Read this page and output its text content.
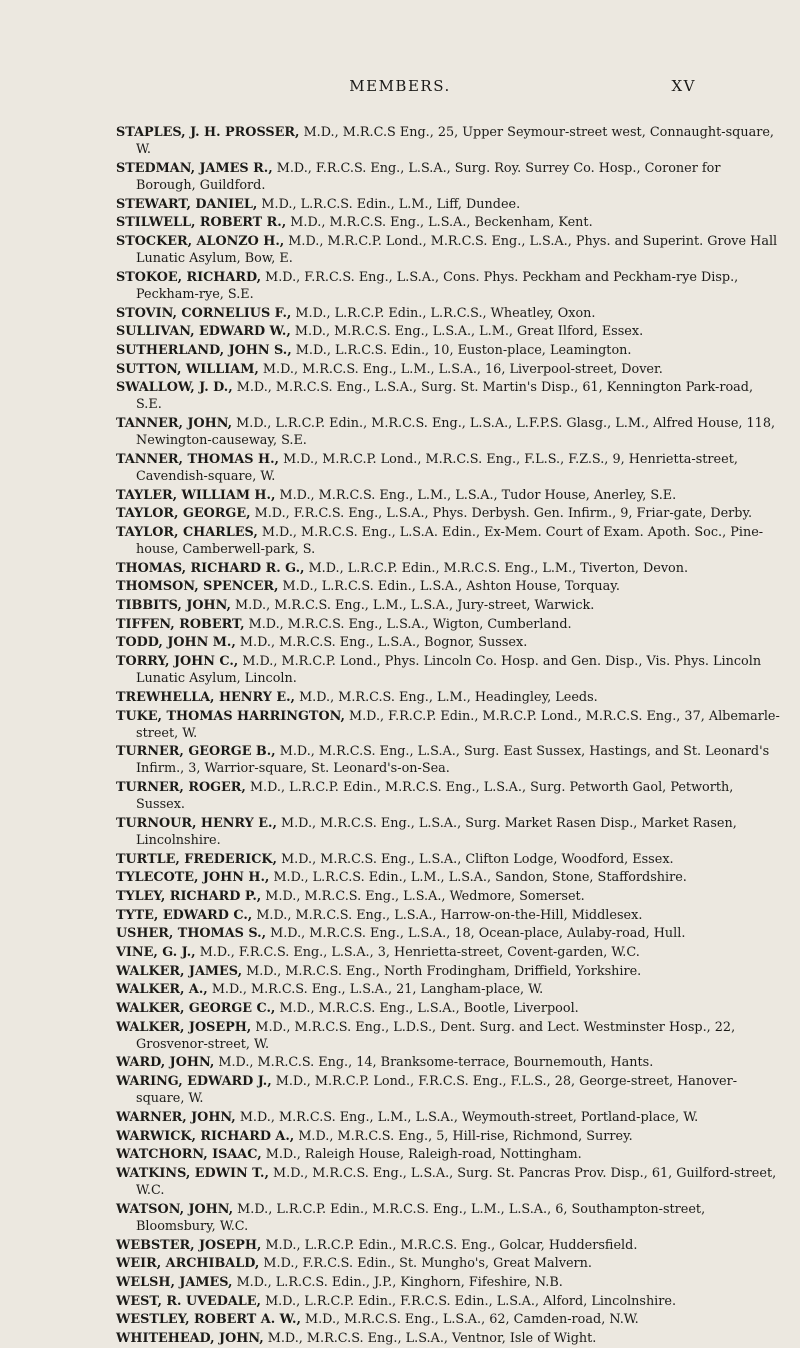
MEMBERS.	XV
STAPLES, J. H. PROSSER, M.D., M.R.C.S Eng., 25, Upper Seymour-street west, Connaught-square, W.
STEDMAN, JAMES R., M.D., F.R.C.S. Eng., L.S.A., Surg. Roy. Surrey Co. Hosp., Coroner for Borough, Guildford.
STEWART, DANIEL, M.D., L.R.C.S. Edin., L.M., Liff, Dundee.
STILWELL, ROBERT R., M.D., M.R.C.S. Eng., L.S.A., Beckenham, Kent.
STOCKER, ALONZO H., M.D., M.R.C.P. Lond., M.R.C.S. Eng., L.S.A., Phys. and Superint. Grove Hall Lunatic Asylum, Bow, E.
STOKOE, RICHARD, M.D., F.R.C.S. Eng., L.S.A., Cons. Phys. Peckham and Peckham-rye Disp., Peckham-rye, S.E.
STOVIN, CORNELIUS F., M.D., L.R.C.P. Edin., L.R.C.S., Wheatley, Oxon.
SULLIVAN, EDWARD W., M.D., M.R.C.S. Eng., L.S.A., L.M., Great Ilford, Essex.
SUTHERLAND, JOHN S., M.D., L.R.C.S. Edin., 10, Euston-place, Leamington.
SUTTON, WILLIAM, M.D., M.R.C.S. Eng., L.M., L.S.A., 16, Liverpool-street, Dover.
SWALLOW, J. D., M.D., M.R.C.S. Eng., L.S.A., Surg. St. Martin's Disp., 61, Kennington Park-road, S.E.
TANNER, JOHN, M.D., L.R.C.P. Edin., M.R.C.S. Eng., L.S.A., L.F.P.S. Glasg., L.M., Alfred House, 118, Newington-causeway, S.E.
TANNER, THOMAS H., M.D., M.R.C.P. Lond., M.R.C.S. Eng., F.L.S., F.Z.S., 9, Henrietta-street, Cavendish-square, W.
TAYLER, WILLIAM H., M.D., M.R.C.S. Eng., L.M., L.S.A., Tudor House, Anerley, S.E.
TAYLOR, GEORGE, M.D., F.R.C.S. Eng., L.S.A., Phys. Derbysh. Gen. Infirm., 9, Friar-gate, Derby.
TAYLOR, CHARLES, M.D., M.R.C.S. Eng., L.S.A. Edin., Ex-Mem. Court of Exam. Apoth. Soc., Pine-house, Camberwell-park, S.
THOMAS, RICHARD R. G., M.D., L.R.C.P. Edin., M.R.C.S. Eng., L.M., Tiverton, Devon.
THOMSON, SPENCER, M.D., L.R.C.S. Edin., L.S.A., Ashton House, Torquay.
TIBBITS, JOHN, M.D., M.R.C.S. Eng., L.M., L.S.A., Jury-street, Warwick.
TIFFEN, ROBERT, M.D., M.R.C.S. Eng., L.S.A., Wigton, Cumberland.
TODD, JOHN M., M.D., M.R.C.S. Eng., L.S.A., Bognor, Sussex.
TORRY, JOHN C., M.D., M.R.C.P. Lond., Phys. Lincoln Co. Hosp. and Gen. Disp., Vis. Phys. Lincoln Lunatic Asylum, Lincoln.
TREWHELLA, HENRY E., M.D., M.R.C.S. Eng., L.M., Headingley, Leeds.
TUKE, THOMAS HARRINGTON, M.D., F.R.C.P. Edin., M.R.C.P. Lond., M.R.C.S. Eng., 37, Albemarle-street, W.
TURNER, GEORGE B., M.D., M.R.C.S. Eng., L.S.A., Surg. East Sussex, Hastings, and St. Leonard's Infirm., 3, Warrior-square, St. Leonard's-on-Sea.
TURNER, ROGER, M.D., L.R.C.P. Edin., M.R.C.S. Eng., L.S.A., Surg. Petworth Gaol, Petworth, Sussex.
TURNOUR, HENRY E., M.D., M.R.C.S. Eng., L.S.A., Surg. Market Rasen Disp., Market Rasen, Lincolnshire.
TURTLE, FREDERICK, M.D., M.R.C.S. Eng., L.S.A., Clifton Lodge, Woodford, Essex.
TYLECOTE, JOHN H., M.D., L.R.C.S. Edin., L.M., L.S.A., Sandon, Stone, Staffordshire.
TYLEY, RICHARD P., M.D., M.R.C.S. Eng., L.S.A., Wedmore, Somerset.
TYTE, EDWARD C., M.D., M.R.C.S. Eng., L.S.A., Harrow-on-the-Hill, Middlesex.
USHER, THOMAS S., M.D., M.R.C.S. Eng., L.S.A., 18, Ocean-place, Aulaby-road, Hull.
VINE, G. J., M.D., F.R.C.S. Eng., L.S.A., 3, Henrietta-street, Covent-garden, W.C.
WALKER, JAMES, M.D., M.R.C.S. Eng., North Frodingham, Driffield, Yorkshire.
WALKER, A., M.D., M.R.C.S. Eng., L.S.A., 21, Langham-place, W.
WALKER, GEORGE C., M.D., M.R.C.S. Eng., L.S.A., Bootle, Liverpool.
WALKER, JOSEPH, M.D., M.R.C.S. Eng., L.D.S., Dent. Surg. and Lect. Westminster Hosp., 22, Grosvenor-street, W.
WARD, JOHN, M.D., M.R.C.S. Eng., 14, Branksome-terrace, Bournemouth, Hants.
WARING, EDWARD J., M.D., M.R.C.P. Lond., F.R.C.S. Eng., F.L.S., 28, George-street, Hanover-square, W.
WARNER, JOHN, M.D., M.R.C.S. Eng., L.M., L.S.A., Weymouth-street, Portland-place, W.
WARWICK, RICHARD A., M.D., M.R.C.S. Eng., 5, Hill-rise, Richmond, Surrey.
WATCHORN, ISAAC, M.D., Raleigh House, Raleigh-road, Nottingham.
WATKINS, EDWIN T., M.D., M.R.C.S. Eng., L.S.A., Surg. St. Pancras Prov. Disp., 61, Guilford-street, W.C.
WATSON, JOHN, M.D., L.R.C.P. Edin., M.R.C.S. Eng., L.M., L.S.A., 6, Southampton-street, Bloomsbury, W.C.
WEBSTER, JOSEPH, M.D., L.R.C.P. Edin., M.R.C.S. Eng., Golcar, Huddersfield.
WEIR, ARCHIBALD, M.D., F.R.C.S. Edin., St. Mungho's, Great Malvern.
WELSH, JAMES, M.D., L.R.C.S. Edin., J.P., Kinghorn, Fifeshire, N.B.
WEST, R. UVEDALE, M.D., L.R.C.P. Edin., F.R.C.S. Edin., L.S.A., Alford, Lincolnshire.
WESTLEY, ROBERT A. W., M.D., M.R.C.S. Eng., L.S.A., 62, Camden-road, N.W.
WHITEHEAD, JOHN, M.D., M.R.C.S. Eng., L.S.A., Ventnor, Isle of Wight.
